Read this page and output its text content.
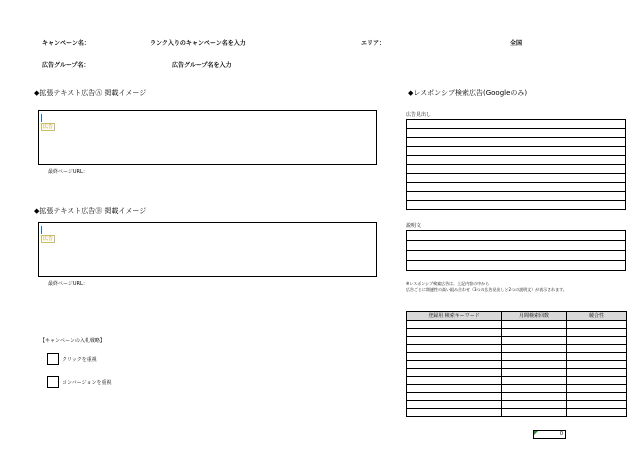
キャンペーン名：	ランク入りのキャンペーン名を入力	エリア：	全国
広告グループ名：	広告グループ名を入力
◆拡張テキスト広告Ⓐ 掲載イメージ
広告
最終ページURL：
◆拡張テキスト広告Ⓑ 掲載イメージ
広告
最終ページURL：
【キャンペーンの入札戦略】
クリックを重視
コンバージョンを重視
◆レスポンシブ検索広告(Googleのみ)
広告見出し

説明文

※レスポンシブ検索広告は、上記内容の中から
広告ごとに関連性の高い組み合わせ（3つの広告見出しと2つの説明文）が表示されます。
登録用 検索キーワード	月間検索回数	競合性

0
